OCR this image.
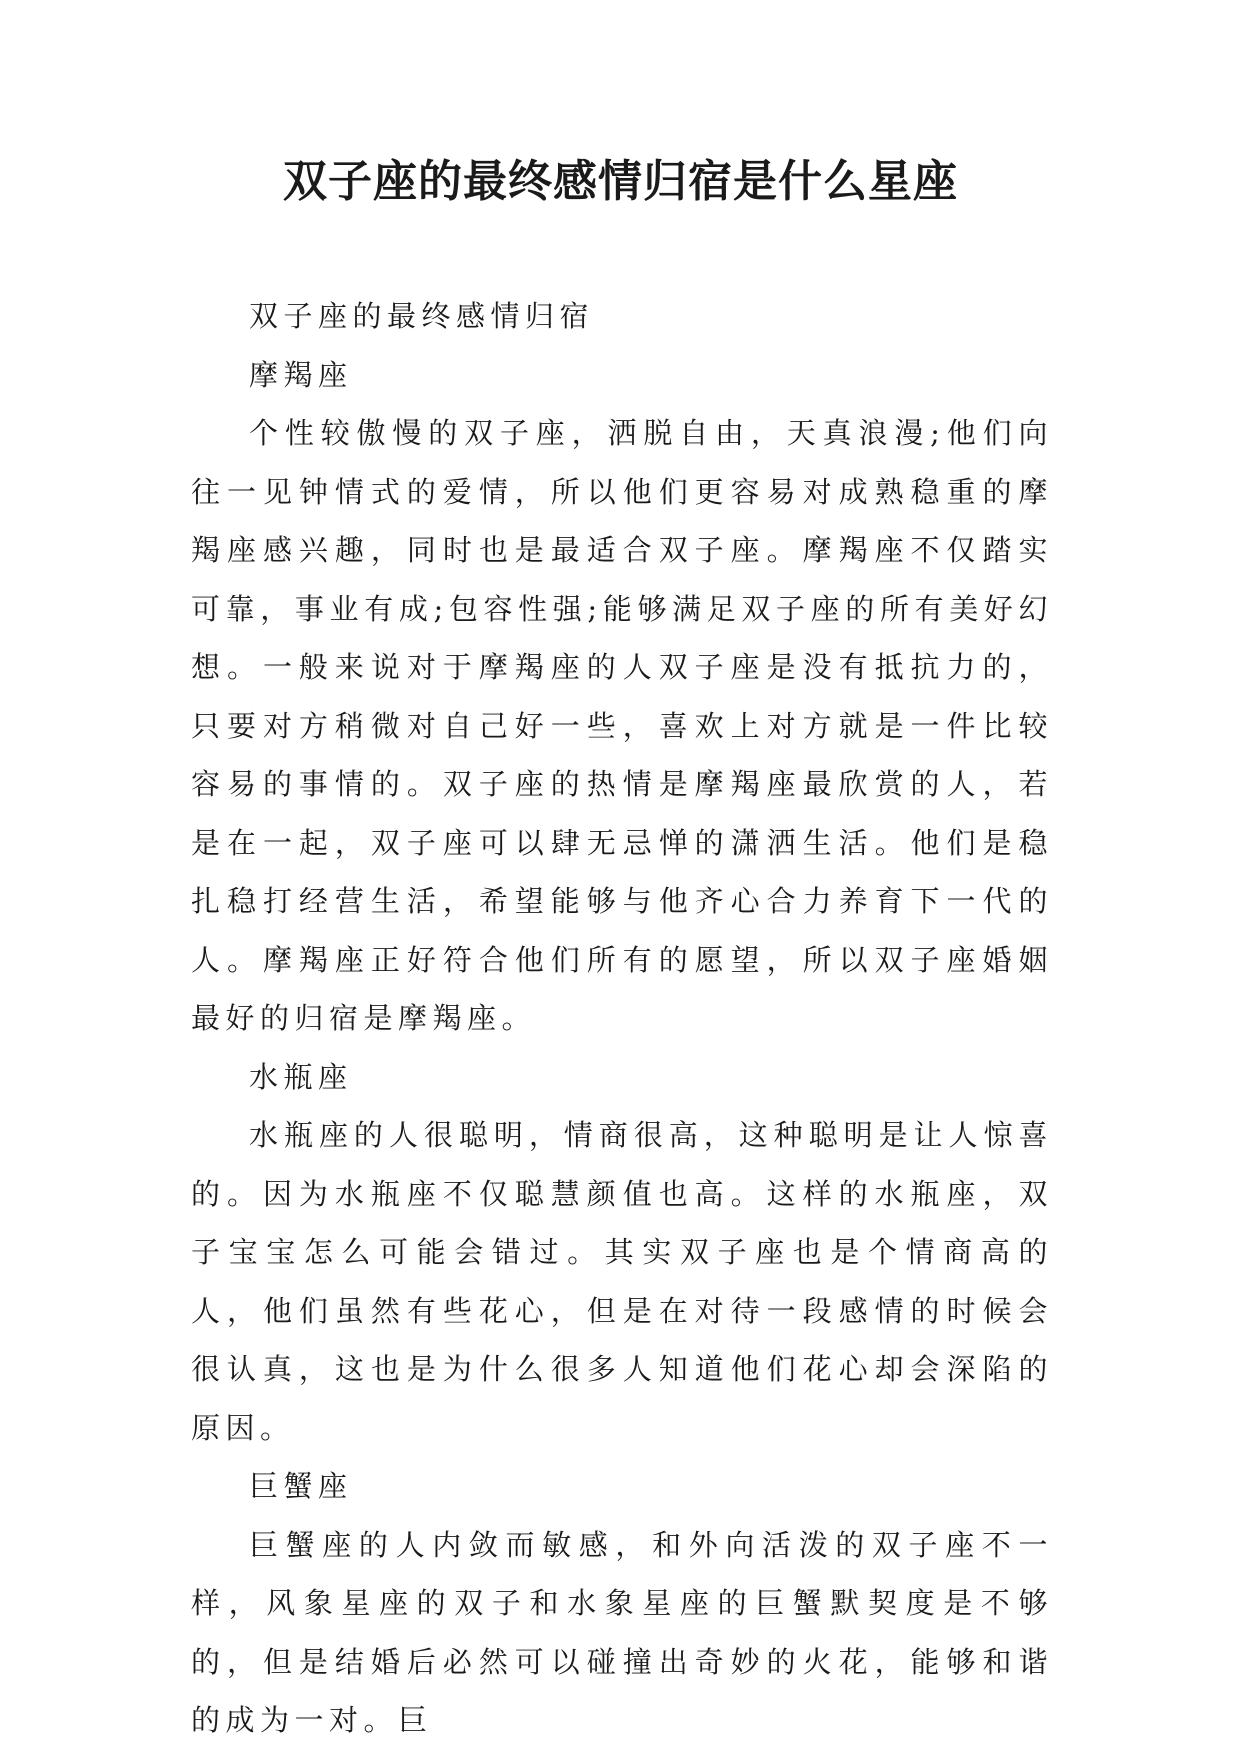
双子座的最终感情归宿是什么星座

双子座的最终感情归宿

摩羯座

个性较傲慢的双子座，洒脱自由，天真浪漫;他们向往一见钟情式的爱情，所以他们更容易对成熟稳重的摩羯座感兴趣，同时也是最适合双子座。摩羯座不仅踏实可靠，事业有成;包容性强;能够满足双子座的所有美好幻想。一般来说对于摩羯座的人双子座是没有抵抗力的，只要对方稍微对自己好一些，喜欢上对方就是一件比较容易的事情的。双子座的热情是摩羯座最欣赏的人，若是在一起，双子座可以肆无忌惮的潇洒生活。他们是稳扎稳打经营生活，希望能够与他齐心合力养育下一代的人。摩羯座正好符合他们所有的愿望，所以双子座婚姻最好的归宿是摩羯座。

水瓶座

水瓶座的人很聪明，情商很高，这种聪明是让人惊喜的。因为水瓶座不仅聪慧颜值也高。这样的水瓶座，双子宝宝怎么可能会错过。其实双子座也是个情商高的人，他们虽然有些花心，但是在对待一段感情的时候会很认真，这也是为什么很多人知道他们花心却会深陷的原因。

巨蟹座

巨蟹座的人内敛而敏感，和外向活泼的双子座不一样，风象星座的双子和水象星座的巨蟹默契度是不够的，但是结婚后必然可以碰撞出奇妙的火花，能够和谐的成为一对。巨
